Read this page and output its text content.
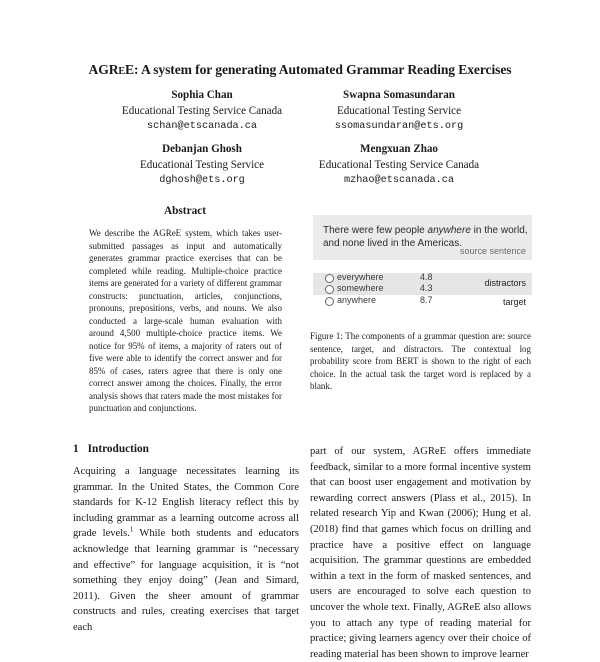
AGReE: A system for generating Automated Grammar Reading Exercises
Sophia Chan
Educational Testing Service Canada
schan@etscanada.ca
Swapna Somasundaran
Educational Testing Service
ssomasundaran@ets.org
Debanjan Ghosh
Educational Testing Service
dghosh@ets.org
Mengxuan Zhao
Educational Testing Service Canada
mzhao@etscanada.ca
Abstract
We describe the AGReE system, which takes user-submitted passages as input and automatically generates grammar practice exercises that can be completed while reading. Multiple-choice practice items are generated for a variety of different grammar constructs: punctuation, articles, conjunctions, pronouns, prepositions, verbs, and nouns. We also conducted a large-scale human evaluation with around 4,500 multiple-choice practice items. We notice for 95% of items, a majority of raters out of five were able to identify the correct answer and for 85% of cases, raters agree that there is only one correct answer among the choices. Finally, the error analysis shows that raters made the most mistakes for punctuation and conjunctions.
1 Introduction
Acquiring a language necessitates learning its grammar. In the United States, the Common Core standards for K-12 English literacy reflect this by including grammar as a learning outcome across all grade levels.$^1$ While both students and educators acknowledge that learning grammar is “necessary and effective” for language acquisition, it is “not something they enjoy doing” (Jean and Simard, 2011). Given the sheer amount of grammar constructs and rules, creating exercises that target each
part of our system, AGReE offers immediate feedback, similar to a more formal incentive system that can boost user engagement and motivation by rewarding correct answers (Plass et al., 2015). In related research Yip and Kwan (2006); Hung et al. (2018) find that games which focus on drilling and practice have a positive effect on language acquisition. The grammar questions are embedded within a text in the form of masked sentences, and users are encouraged to solve each question to uncover the whole text. Finally, AGReE also allows you to attach any type of reading material for practice; giving learners agency over their choice of reading material has been shown to improve learner
There were few people anywhere in the world, and none lived in the Americas.
source sentence
everywhere	4.8
somewhere	4.3	distractors
anywhere	8.7	target
Figure 1: The components of a grammar question are: source sentence, target, and distractors. The contextual log probability score from BERT is shown to the right of each choice. In the actual task the target word is replaced by a blank.
